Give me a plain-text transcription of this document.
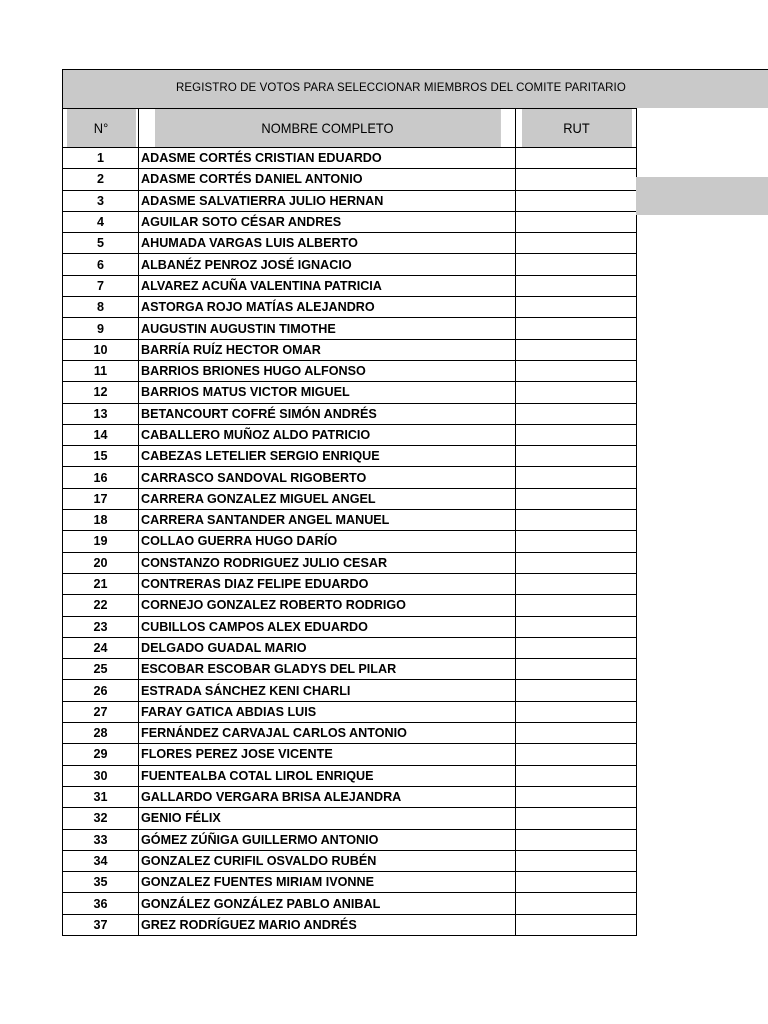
REGISTRO DE VOTOS PARA SELECCIONAR MIEMBROS DEL COMITÉ PARITARIO
N°	NOMBRE COMPLETO	RUT
1	ADASME CORTÉS CRISTIAN EDUARDO	
2	ADASME CORTÉS DANIEL ANTONIO	
3	ADASME SALVATIERRA JULIO HERNAN	
4	AGUILAR SOTO CÉSAR ANDRES	
5	AHUMADA VARGAS LUIS ALBERTO	
6	ALBANÉZ PENROZ JOSÉ IGNACIO	
7	ALVAREZ ACUÑA VALENTINA PATRICIA	
8	ASTORGA ROJO MATÍAS ALEJANDRO	
9	AUGUSTIN AUGUSTIN TIMOTHE	
10	BARRÍA RUÍZ HECTOR OMAR	
11	BARRIOS BRIONES HUGO ALFONSO	
12	BARRIOS MATUS VICTOR MIGUEL	
13	BETANCOURT COFRÉ SIMÓN ANDRÉS	
14	CABALLERO MUÑOZ ALDO PATRICIO	
15	CABEZAS LETELIER SERGIO ENRIQUE	
16	CARRASCO SANDOVAL RIGOBERTO	
17	CARRERA GONZALEZ MIGUEL ANGEL	
18	CARRERA SANTANDER ANGEL MANUEL	
19	COLLAO GUERRA HUGO DARÍO	
20	CONSTANZO RODRIGUEZ JULIO CESAR	
21	CONTRERAS DIAZ FELIPE EDUARDO	
22	CORNEJO GONZALEZ ROBERTO RODRIGO	
23	CUBILLOS CAMPOS ALEX EDUARDO	
24	DELGADO GUADAL MARIO	
25	ESCOBAR ESCOBAR GLADYS DEL PILAR	
26	ESTRADA SÁNCHEZ KENI CHARLI	
27	FARAY GATICA ABDIAS LUIS	
28	FERNÁNDEZ CARVAJAL CARLOS ANTONIO	
29	FLORES PEREZ JOSE VICENTE	
30	FUENTEALBA COTAL LIROL ENRIQUE	
31	GALLARDO VERGARA BRISA ALEJANDRA	
32	GENIO FÉLIX	
33	GÓMEZ ZÚÑIGA GUILLERMO ANTONIO	
34	GONZALEZ CURIFIL OSVALDO RUBÉN	
35	GONZALEZ FUENTES MIRIAM IVONNE	
36	GONZÁLEZ GONZÁLEZ PABLO ANIBAL	
37	GREZ RODRÍGUEZ MARIO ANDRÉS	
